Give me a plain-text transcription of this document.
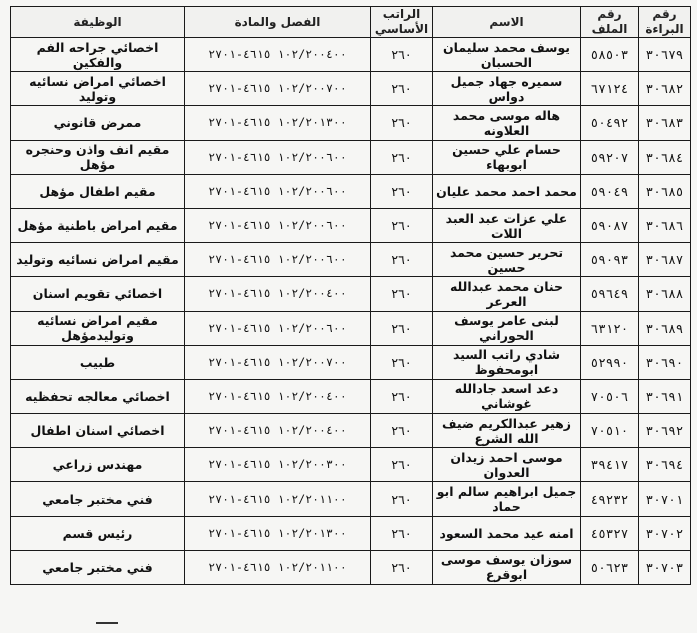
رقم البراءة	رقم الملف	الاسم	الراتب الأساسي	الفصل والمادة	الوظيفة
٣٠٦٧٩	٥٨٥٠٣	يوسف محمد سليمان الحسبان	٢٦٠	١٠٢/٢٠٠٤٠٠ ٤٦١٥-٢٧٠١	اخصائي جراحه الفم والفكين
٣٠٦٨٢	٦٧١٢٤	سميره جهاد جميل دواس	٢٦٠	١٠٢/٢٠٠٧٠٠ ٤٦١٥-٢٧٠١	اخصائي امراض نسائيه وتوليد
٣٠٦٨٣	٥٠٤٩٢	هاله موسى محمد العلاونه	٢٦٠	١٠٢/٢٠١٣٠٠ ٤٦١٥-٢٧٠١	ممرض قانوني
٣٠٦٨٤	٥٩٢٠٧	حسام علي حسين ابوبهاء	٢٦٠	١٠٢/٢٠٠٦٠٠ ٤٦١٥-٢٧٠١	مقيم انف واذن وحنجره مؤهل
٣٠٦٨٥	٥٩٠٤٩	محمد احمد محمد عليان	٢٦٠	١٠٢/٢٠٠٦٠٠ ٤٦١٥-٢٧٠١	مقيم اطفال مؤهل
٣٠٦٨٦	٥٩٠٨٧	علي عزات عبد العبد اللات	٢٦٠	١٠٢/٢٠٠٦٠٠ ٤٦١٥-٢٧٠١	مقيم امراض باطنية مؤهل
٣٠٦٨٧	٥٩٠٩٣	تحرير حسين محمد حسين	٢٦٠	١٠٢/٢٠٠٦٠٠ ٤٦١٥-٢٧٠١	مقيم امراض نسائيه وتوليد
٣٠٦٨٨	٥٩٦٤٩	حنان محمد عبدالله العرعر	٢٦٠	١٠٢/٢٠٠٤٠٠ ٤٦١٥-٢٧٠١	اخصائي تقويم اسنان
٣٠٦٨٩	٦٣١٢٠	لبنى عامر يوسف الحوراني	٢٦٠	١٠٢/٢٠٠٦٠٠ ٤٦١٥-٢٧٠١	مقيم امراض نسائيه وتوليدمؤهل
٣٠٦٩٠	٥٢٩٩٠	شادي راتب السيد ابومحفوظ	٢٦٠	١٠٢/٢٠٠٧٠٠ ٤٦١٥-٢٧٠١	طبيب
٣٠٦٩١	٧٠٥٠٦	دعد اسعد جادالله غوشاني	٢٦٠	١٠٢/٢٠٠٤٠٠ ٤٦١٥-٢٧٠١	اخصائي معالجه تحفظيه
٣٠٦٩٢	٧٠٥١٠	زهير عبدالكريم ضيف الله الشرع	٢٦٠	١٠٢/٢٠٠٤٠٠ ٤٦١٥-٢٧٠١	اخصائي اسنان اطفال
٣٠٦٩٤	٣٩٤١٧	موسى احمد زيدان العدوان	٢٦٠	١٠٢/٢٠٠٣٠٠ ٤٦١٥-٢٧٠١	مهندس زراعي
٣٠٧٠١	٤٩٢٣٢	جميل ابراهيم سالم ابو حماد	٢٦٠	١٠٢/٢٠١١٠٠ ٤٦١٥-٢٧٠١	فني مختبر جامعي
٣٠٧٠٢	٤٥٣٢٧	امنه عيد محمد السعود	٢٦٠	١٠٢/٢٠١٣٠٠ ٤٦١٥-٢٧٠١	رئيس قسم
٣٠٧٠٣	٥٠٦٢٣	سوزان يوسف موسى ابوقرع	٢٦٠	١٠٢/٢٠١١٠٠ ٤٦١٥-٢٧٠١	فني مختبر جامعي
